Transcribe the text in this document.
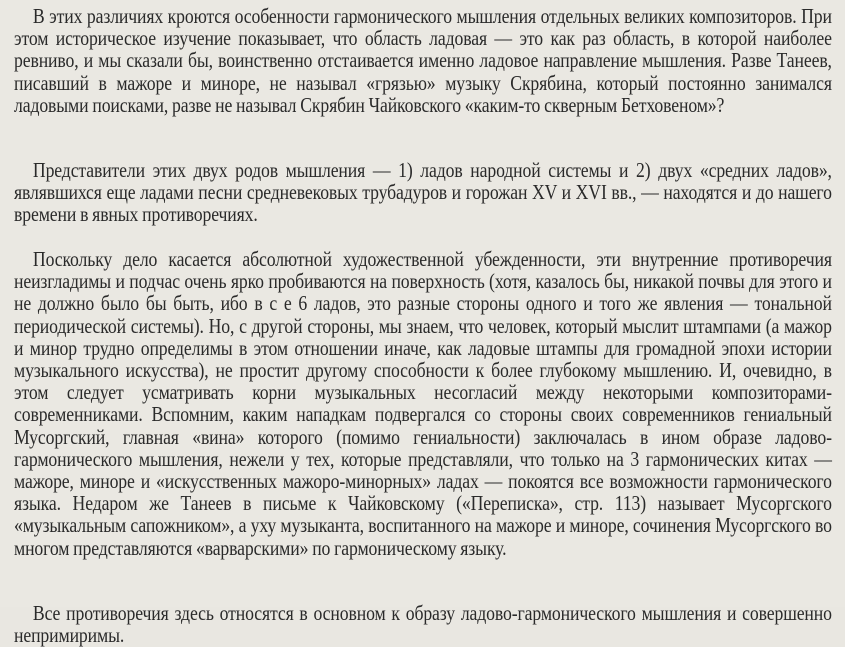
В этих различиях кроются особенности гармонического мышления отдельных великих композиторов. При этом историческое изучение показывает, что область ладовая — это как раз область, в которой наиболее ревниво, и мы сказали бы, воинственно отстаивается именно ладовое направление мышления. Разве Танеев, писавший в мажоре и миноре, не называл «грязью» музыку Скрябина, который постоянно занимался ладовыми поисками, разве не называл Скрябин Чайковского «каким-то скверным Бетховеном»?

Представители этих двух родов мышления — 1) ладов народной системы и 2) двух «средних ладов», являвшихся еще ладами песни средневековых трубадуров и горожан XV и XVI вв., — находятся и до нашего времени в явных противоречиях.

Поскольку дело касается абсолютной художественной убежденности, эти внутренние противоречия неизгладимы и подчас очень ярко пробиваются на поверхность (хотя, казалось бы, никакой почвы для этого и не должно было бы быть, ибо в с е 6 ладов, это разные стороны одного и того же явления — тональной периодической системы). Но, с другой стороны, мы знаем, что человек, который мыслит штампами (а мажор и минор трудно определимы в этом отношении иначе, как ладовые штампы для громадной эпохи истории музыкального искусства), не простит другому способности к более глубокому мышлению. И, очевидно, в этом следует усматривать корни музыкальных несогласий между некоторыми композиторами-современниками. Вспомним, каким нападкам подвергался со стороны своих современников гениальный Мусоргский, главная «вина» которого (помимо гениальности) заключалась в ином образе ладово-гармонического мышления, нежели у тех, которые представляли, что только на 3 гармонических китах — мажоре, миноре и «искусственных мажоро-минорных» ладах — покоятся все возможности гармонического языка. Недаром же Танеев в письме к Чайковскому («Переписка», стр. 113) называет Мусоргского «музыкальным сапожником», а уху музыканта, воспитанного на мажоре и миноре, сочинения Мусоргского во многом представляются «варварскими» по гармоническому языку.

Все противоречия здесь относятся в основном к образу ладово-гармонического мышления и совершенно непримиримы.
